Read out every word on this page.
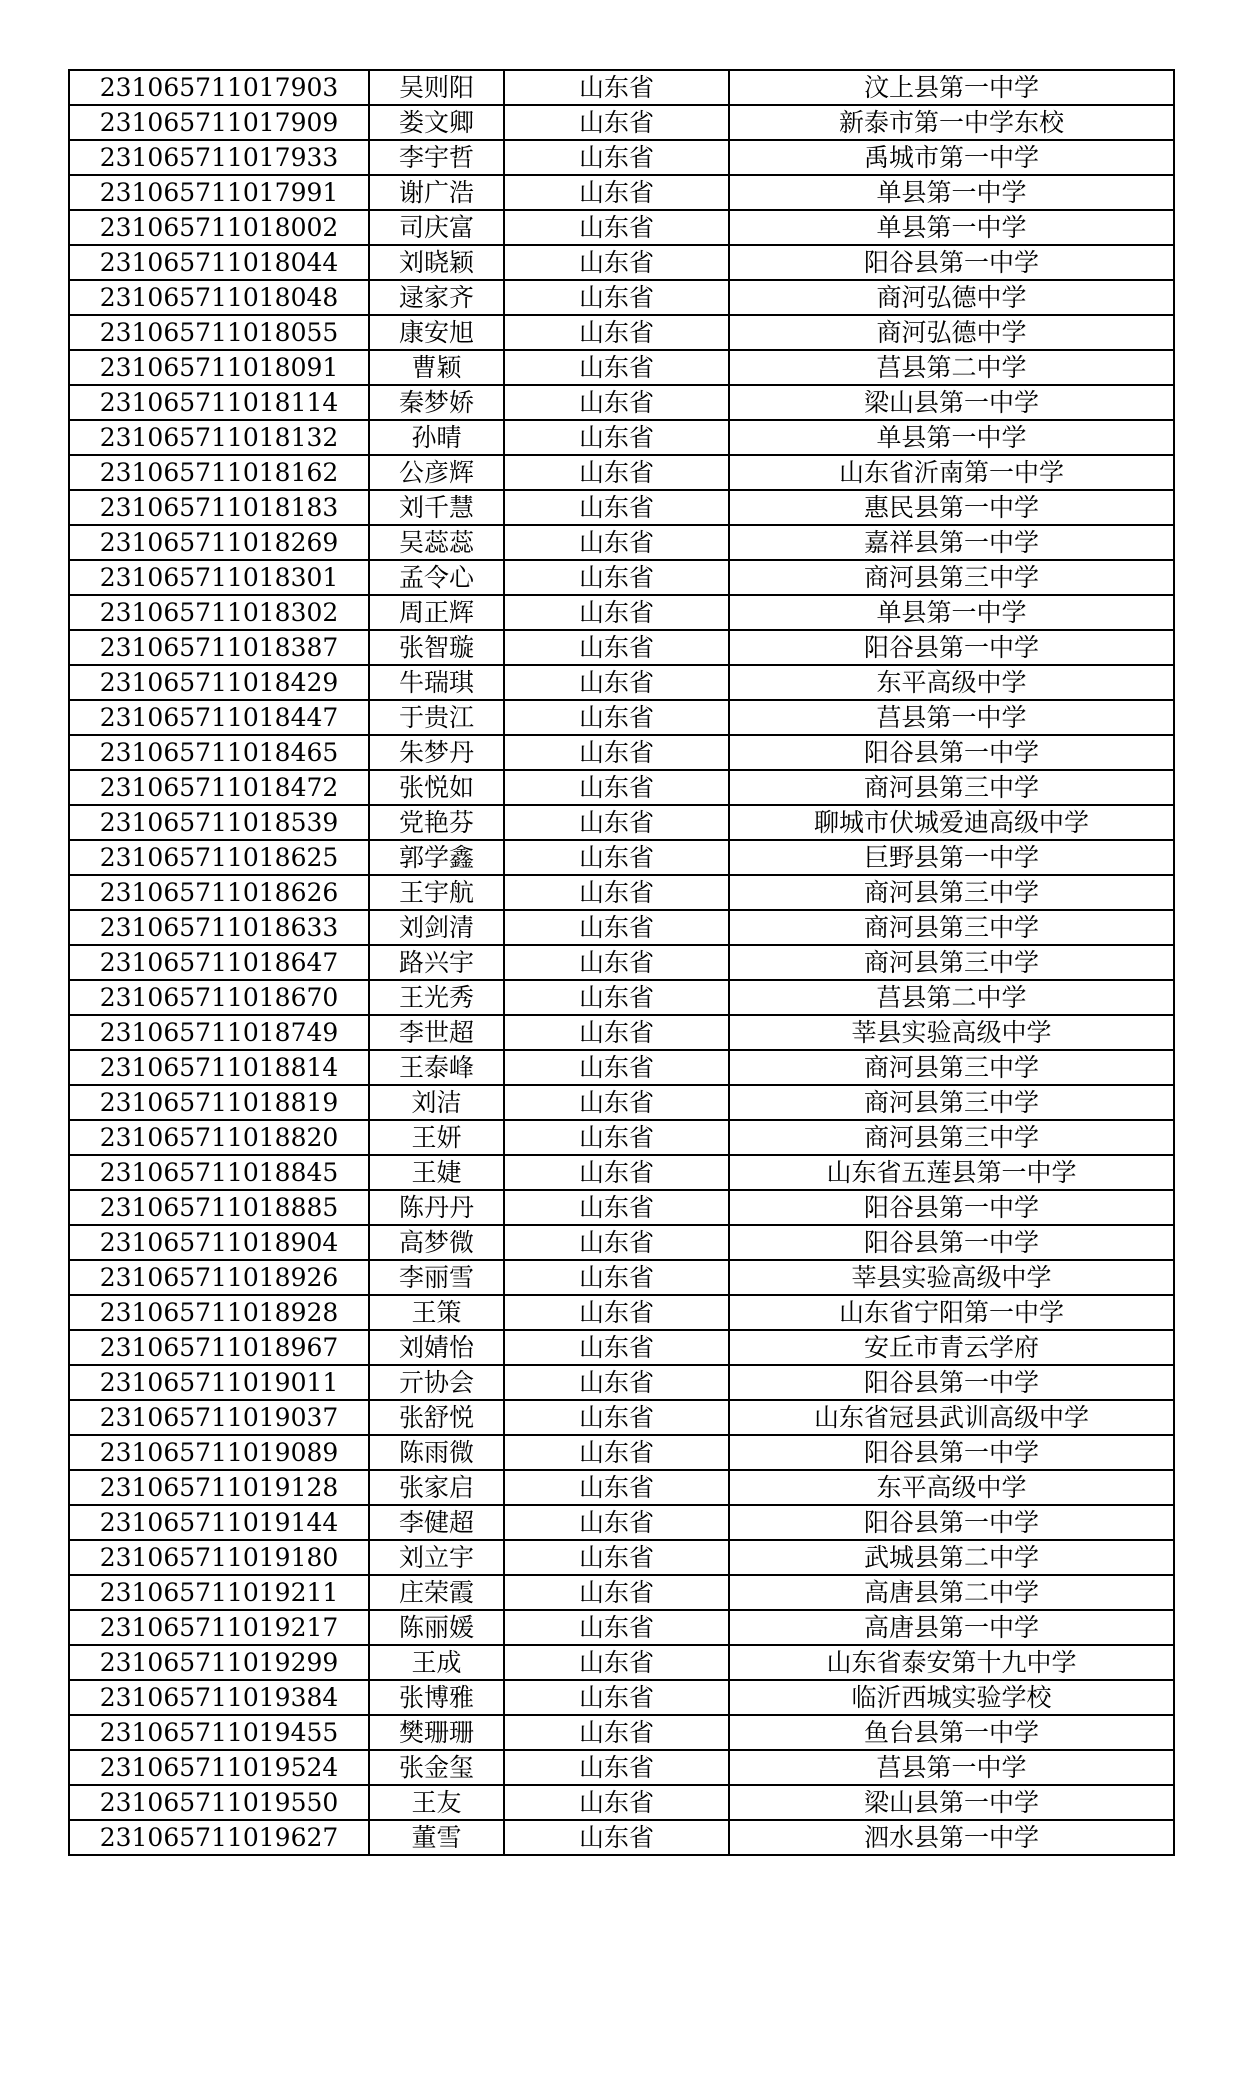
231065711017903	吴则阳	山东省	汶上县第一中学
231065711017909	娄文卿	山东省	新泰市第一中学东校
231065711017933	李宇哲	山东省	禹城市第一中学
231065711017991	谢广浩	山东省	单县第一中学
231065711018002	司庆富	山东省	单县第一中学
231065711018044	刘晓颖	山东省	阳谷县第一中学
231065711018048	逯家齐	山东省	商河弘德中学
231065711018055	康安旭	山东省	商河弘德中学
231065711018091	曹颖	山东省	莒县第二中学
231065711018114	秦梦娇	山东省	梁山县第一中学
231065711018132	孙晴	山东省	单县第一中学
231065711018162	公彦辉	山东省	山东省沂南第一中学
231065711018183	刘千慧	山东省	惠民县第一中学
231065711018269	吴蕊蕊	山东省	嘉祥县第一中学
231065711018301	孟令心	山东省	商河县第三中学
231065711018302	周正辉	山东省	单县第一中学
231065711018387	张智璇	山东省	阳谷县第一中学
231065711018429	牛瑞琪	山东省	东平高级中学
231065711018447	于贵江	山东省	莒县第一中学
231065711018465	朱梦丹	山东省	阳谷县第一中学
231065711018472	张悦如	山东省	商河县第三中学
231065711018539	党艳芬	山东省	聊城市伏城爱迪高级中学
231065711018625	郭学鑫	山东省	巨野县第一中学
231065711018626	王宇航	山东省	商河县第三中学
231065711018633	刘剑清	山东省	商河县第三中学
231065711018647	路兴宇	山东省	商河县第三中学
231065711018670	王光秀	山东省	莒县第二中学
231065711018749	李世超	山东省	莘县实验高级中学
231065711018814	王泰峰	山东省	商河县第三中学
231065711018819	刘洁	山东省	商河县第三中学
231065711018820	王妍	山东省	商河县第三中学
231065711018845	王婕	山东省	山东省五莲县第一中学
231065711018885	陈丹丹	山东省	阳谷县第一中学
231065711018904	高梦微	山东省	阳谷县第一中学
231065711018926	李丽雪	山东省	莘县实验高级中学
231065711018928	王策	山东省	山东省宁阳第一中学
231065711018967	刘婧怡	山东省	安丘市青云学府
231065711019011	亓协会	山东省	阳谷县第一中学
231065711019037	张舒悦	山东省	山东省冠县武训高级中学
231065711019089	陈雨微	山东省	阳谷县第一中学
231065711019128	张家启	山东省	东平高级中学
231065711019144	李健超	山东省	阳谷县第一中学
231065711019180	刘立宇	山东省	武城县第二中学
231065711019211	庄荣霞	山东省	高唐县第二中学
231065711019217	陈丽媛	山东省	高唐县第一中学
231065711019299	王成	山东省	山东省泰安第十九中学
231065711019384	张博雅	山东省	临沂西城实验学校
231065711019455	樊珊珊	山东省	鱼台县第一中学
231065711019524	张金玺	山东省	莒县第一中学
231065711019550	王友	山东省	梁山县第一中学
231065711019627	董雪	山东省	泗水县第一中学
